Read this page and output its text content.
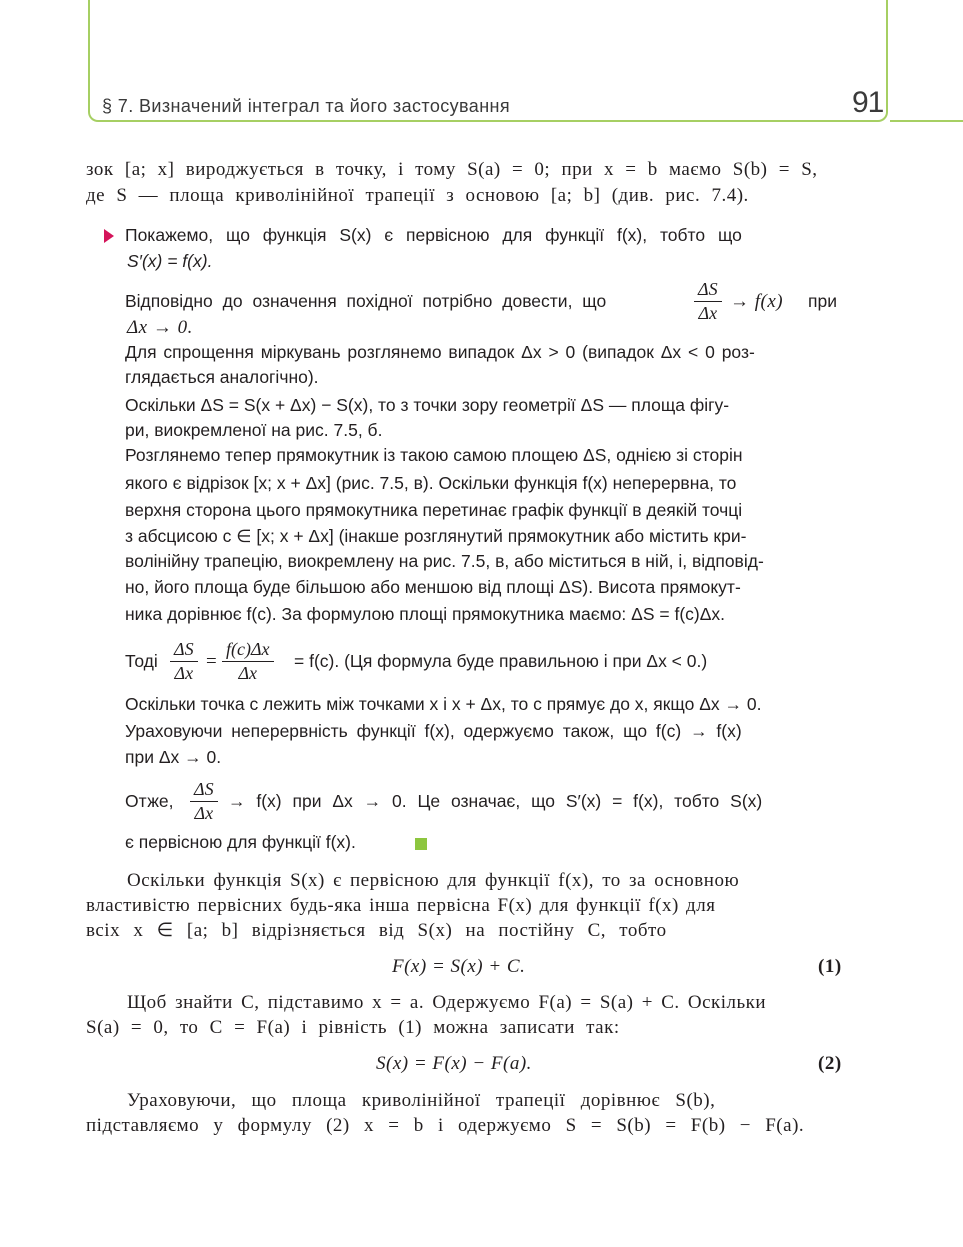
§ 7. Визначений інтеграл та його застосування	91
зок [a; x] вироджується в точку, і тому S(a) = 0; при x = b маємо S(b) = S,
де S — площа криволінійної трапеції з основою [a; b] (див. рис. 7.4).
Покажемо, що функція S(x) є первісною для функції f(x), тобто що
S′(x) = f(x).
Відповідно до означення похідної потрібно довести, що	$\frac{\Delta S}{\Delta x} \to f(x)$ при
Δx → 0.
Для спрощення міркувань розглянемо випадок Δx > 0 (випадок Δx < 0 роз-
глядається аналогічно).
Оскільки ΔS = S(x + Δx) − S(x), то з точки зору геометрії ΔS — площа фігу-
ри, виокремленої на рис. 7.5, б.
Розглянемо тепер прямокутник із такою самою площею ΔS, однією зі сторін
якого є відрізок [x; x + Δx] (рис. 7.5, в). Оскільки функція f(x) неперервна, то
верхня сторона цього прямокутника перетинає графік функції в деякій точці
з абсцисою c ∈ [x; x + Δx] (інакше розглянутий прямокутник або містить кри-
волінійну трапецію, виокремлену на рис. 7.5, в, або міститься в ній, і, відповід-
но, його площа буде більшою або меншою від площі ΔS). Висота прямокут-
ника дорівнює f(c). За формулою площі прямокутника маємо: ΔS = f(c)Δx.
Тоді $\frac{\Delta S}{\Delta x} = \frac{f(c)\Delta x}{\Delta x} = f(c)$. (Ця формула буде правильною і при Δx < 0.)
Оскільки точка c лежить між точками x і x + Δx, то c прямує до x, якщо Δx → 0.
Ураховуючи неперервність функції f(x), одержуємо також, що f(c) → f(x)
при Δx → 0.
Отже, $\frac{\Delta S}{\Delta x} \to f(x)$ при Δx → 0. Це означає, що S′(x) = f(x), тобто S(x)
є первісною для функції f(x).
Оскільки функція S(x) є первісною для функції f(x), то за основною
властивістю первісних будь-яка інша первісна F(x) для функції f(x) для
всіх x ∈ [a; b] відрізняється від S(x) на постійну C, тобто
F(x) = S(x) + C.	(1)
Щоб знайти C, підставимо x = a. Одержуємо F(a) = S(a) + C. Оскільки
S(a) = 0, то C = F(a) і рівність (1) можна записати так:
S(x) = F(x) − F(a).	(2)
Ураховуючи, що площа криволінійної трапеції дорівнює S(b),
підставляємо у формулу (2) x = b і одержуємо S = S(b) = F(b) − F(a).
